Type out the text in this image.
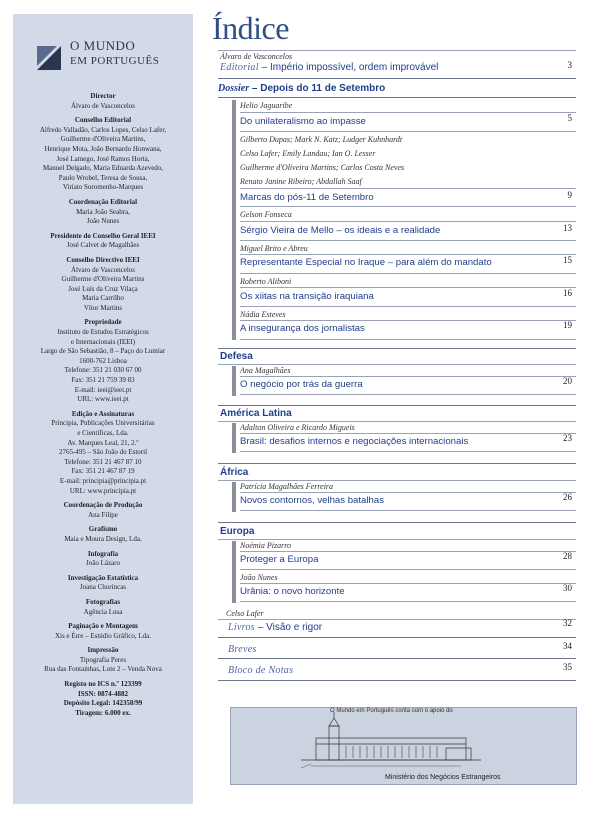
O MUNDO
EM PORTUGUÊS
Director
Álvaro de Vasconcelos
Conselho Editorial
Alfredo Valladão, Carlos Lopes, Celso Lafer,
Guilherme d'Oliveira Martins,
Henrique Mota, João Bernardo Honwana,
José Lamego, José Ramos Horta,
Manuel Delgado, Maria Eduarda Azevedo,
Paulo Wrobel, Teresa de Sousa,
Viriato Soromenho-Marques
Coordenação Editorial
Maria João Seabra,
João Nunes
Presidente do Conselho Geral IEEI
José Calvet de Magalhães
Conselho Directivo IEEI
Álvaro de Vasconcelos
Guilherme d'Oliveira Martins
José Luís da Cruz Vilaça
Maria Carrilho
Vítor Martins
Propriedade
Instituto de Estudos Estratégicos
e Internacionais (IEEI)
Largo de São Sebastião, 8 – Paço do Lumiar
1600-762 Lisboa
Telefone: 351 21 030 67 00
Fax: 351 21 759 39 83
E-mail: ieei@ieei.pt
URL: www.ieei.pt
Edição e Assinaturas
Principia, Publicações Universitárias
e Científicas, Lda.
Av. Marques Leal, 21, 2.º
2765-495 – São João do Estoril
Telefone: 351 21 467 87 10
Fax: 351 21 467 87 19
E-mail: principia@principia.pt
URL: www.principia.pt
Coordenação de Produção
Ana Filipe
Grafismo
Maia e Moura Design, Lda.
Infografia
João Lázaro
Investigação Estatística
Joana Chorincas
Fotografias
Agência Lusa
Paginação e Montagem
Xis e Érre – Estúdio Gráfico, Lda.
Impressão
Tipografia Peres
Rua das Fontainhas, Lote 2 – Venda Nova
Registo no ICS n.º 123399
ISSN: 0874-4882
Depósito Legal: 142358/99
Tiragem: 6.000 ex.
Índice
Álvaro de Vasconcelos
Editorial – Império impossível, ordem improvável	3
Dossier – Depois do 11 de Setembro
Helio Jaguaribe
Do unilateralismo ao impasse	5
Gilberto Dupas; Mark N. Katz; Ludger Kuhnhardt
Celso Lafer; Emily Landau; Ian O. Lesser
Guilherme d'Oliveira Martins; Carlos Costa Neves
Renato Janine Ribeiro; Abdallah Saaf
Marcas do pós-11 de Setembro	9
Gelson Fonseca
Sérgio Vieira de Mello – os ideais e a realidade	13
Miguel Brito e Abreu
Representante Especial no Iraque – para além do mandato	15
Roberto Aliboni
Os xiitas na transição iraquiana	16
Nádia Esteves
A insegurança dos jornalistas	19
Defesa
Ana Magalhães
O negócio por trás da guerra	20
América Latina
Adalton Oliveira e Ricardo Migueis
Brasil: desafios internos e negociações internacionais	23
África
Patrícia Magalhães Ferreira
Novos contornos, velhas batalhas	26
Europa
Noémia Pizarro
Proteger a Europa	28
João Nunes
Urânia: o novo horizonte	30
Celso Lafer
Livros – Visão e rigor	32
Breves	34
Bloco de Notas	35
O Mundo em Português conta com o apoio do
Ministério dos Negócios Estrangeiros
